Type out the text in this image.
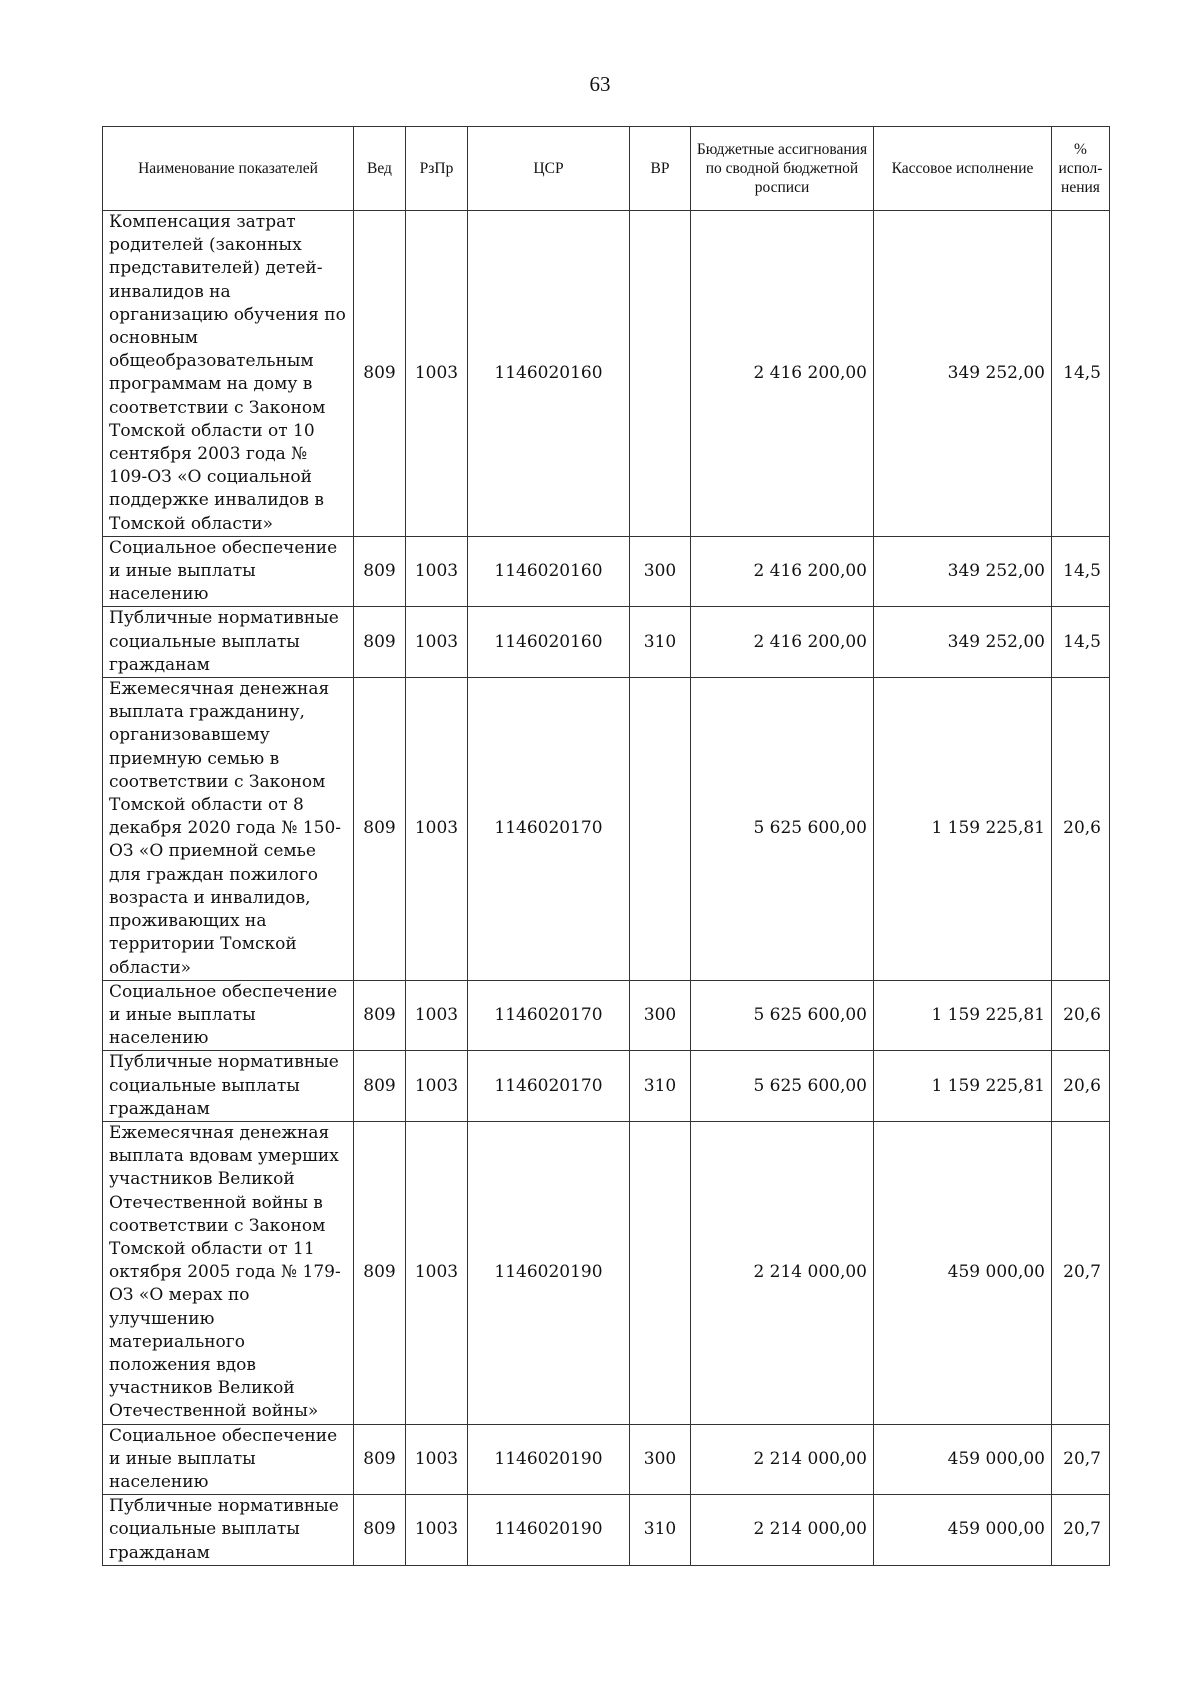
63
Наименование показателей	Вед	РзПр	ЦСР	ВР	Бюджетные ассигнования по сводной бюджетной росписи	Кассовое исполнение	% испол-нения
Компенсация затрат родителей (законных представителей) детей-инвалидов на организацию обучения по основным общеобразовательным программам на дому в соответствии с Законом Томской области от 10 сентября 2003 года № 109-ОЗ «О социальной поддержке инвалидов в Томской области»	809	1003	1146020160		2 416 200,00	349 252,00	14,5
Социальное обеспечение и иные выплаты населению	809	1003	1146020160	300	2 416 200,00	349 252,00	14,5
Публичные нормативные социальные выплаты гражданам	809	1003	1146020160	310	2 416 200,00	349 252,00	14,5
Ежемесячная денежная выплата гражданину, организовавшему приемную семью в соответствии с Законом Томской области от 8 декабря 2020 года № 150-ОЗ «О приемной семье для граждан пожилого возраста и инвалидов, проживающих на территории Томской области»	809	1003	1146020170		5 625 600,00	1 159 225,81	20,6
Социальное обеспечение и иные выплаты населению	809	1003	1146020170	300	5 625 600,00	1 159 225,81	20,6
Публичные нормативные социальные выплаты гражданам	809	1003	1146020170	310	5 625 600,00	1 159 225,81	20,6
Ежемесячная денежная выплата вдовам умерших участников Великой Отечественной войны в соответствии с Законом Томской области от 11 октября 2005 года № 179-ОЗ «О мерах по улучшению материального положения вдов участников Великой Отечественной войны»	809	1003	1146020190		2 214 000,00	459 000,00	20,7
Социальное обеспечение и иные выплаты населению	809	1003	1146020190	300	2 214 000,00	459 000,00	20,7
Публичные нормативные социальные выплаты гражданам	809	1003	1146020190	310	2 214 000,00	459 000,00	20,7
